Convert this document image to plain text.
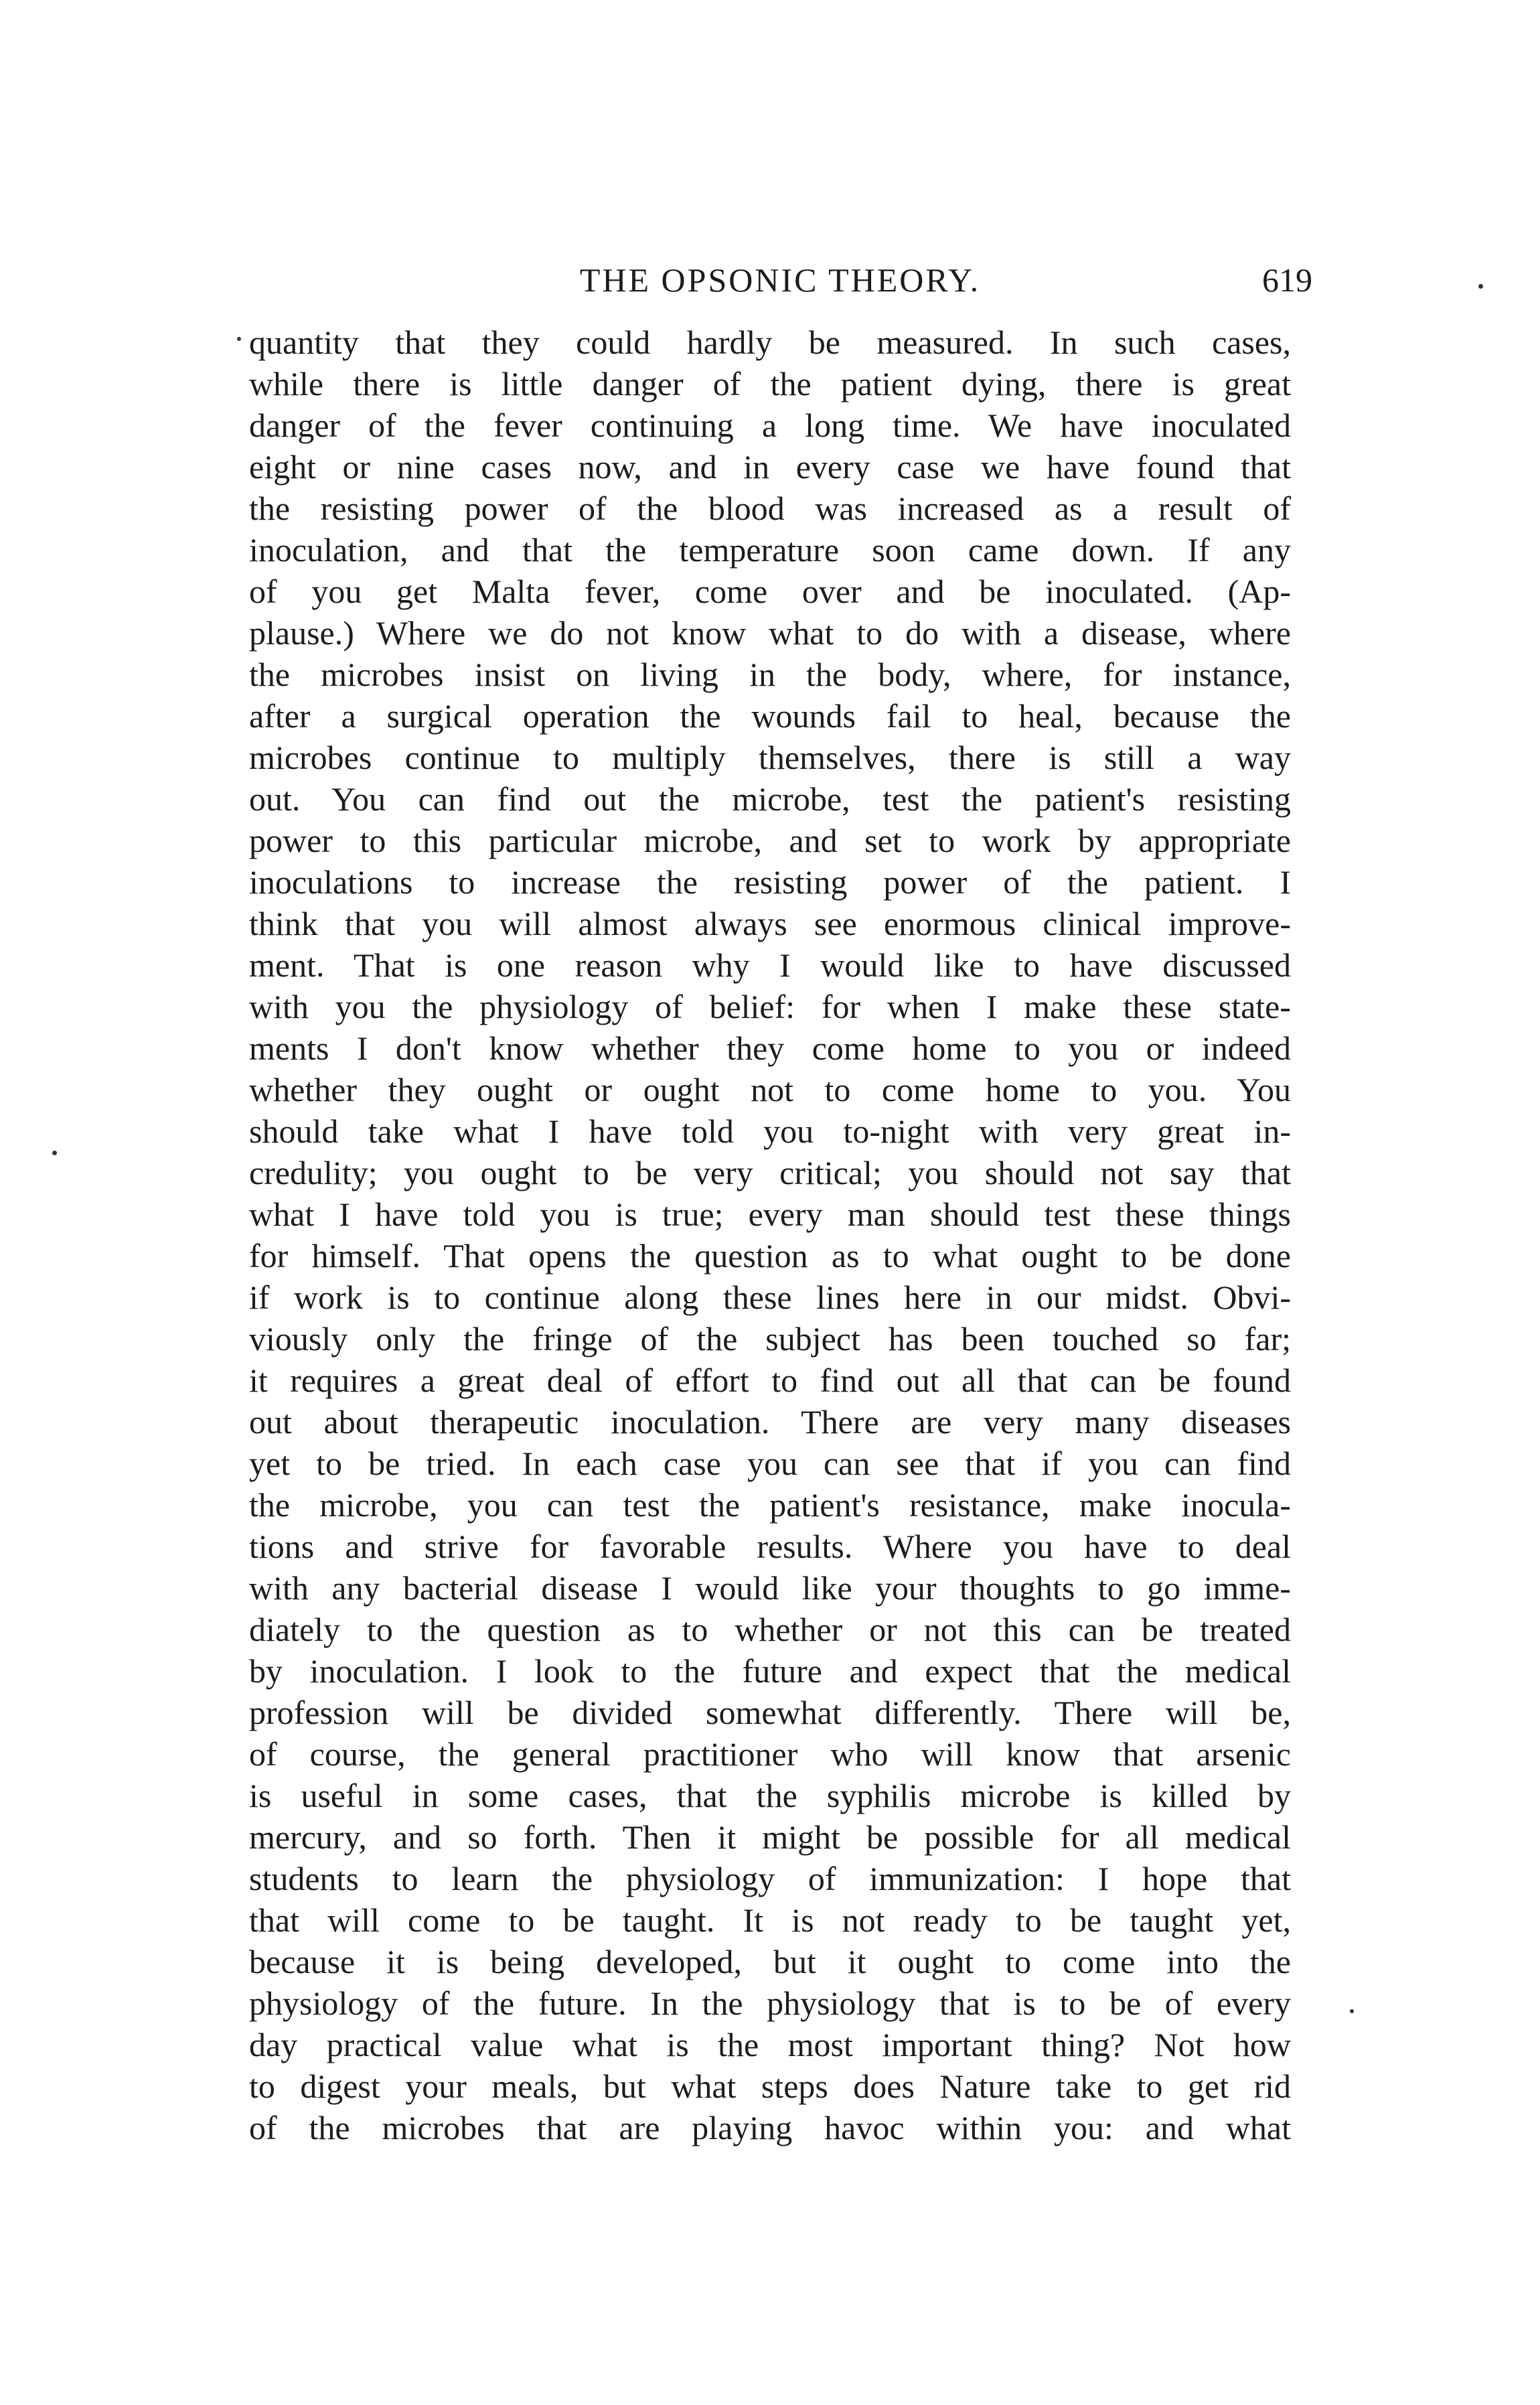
THE OPSONIC THEORY.	619
quantity that they could hardly be measured. In such cases,
while there is little danger of the patient dying, there is great
danger of the fever continuing a long time. We have inoculated
eight or nine cases now, and in every case we have found that
the resisting power of the blood was increased as a result of
inoculation, and that the temperature soon came down. If any
of you get Malta fever, come over and be inoculated. (Ap-
plause.) Where we do not know what to do with a disease, where
the microbes insist on living in the body, where, for instance,
after a surgical operation the wounds fail to heal, because the
microbes continue to multiply themselves, there is still a way
out. You can find out the microbe, test the patient's resisting
power to this particular microbe, and set to work by appropriate
inoculations to increase the resisting power of the patient. I
think that you will almost always see enormous clinical improve-
ment. That is one reason why I would like to have discussed
with you the physiology of belief: for when I make these state-
ments I don't know whether they come home to you or indeed
whether they ought or ought not to come home to you. You
should take what I have told you to-night with very great in-
credulity; you ought to be very critical; you should not say that
what I have told you is true; every man should test these things
for himself. That opens the question as to what ought to be done
if work is to continue along these lines here in our midst. Obvi-
viously only the fringe of the subject has been touched so far;
it requires a great deal of effort to find out all that can be found
out about therapeutic inoculation. There are very many diseases
yet to be tried. In each case you can see that if you can find
the microbe, you can test the patient's resistance, make inocula-
tions and strive for favorable results. Where you have to deal
with any bacterial disease I would like your thoughts to go imme-
diately to the question as to whether or not this can be treated
by inoculation. I look to the future and expect that the medical
profession will be divided somewhat differently. There will be,
of course, the general practitioner who will know that arsenic
is useful in some cases, that the syphilis microbe is killed by
mercury, and so forth. Then it might be possible for all medical
students to learn the physiology of immunization: I hope that
that will come to be taught. It is not ready to be taught yet,
because it is being developed, but it ought to come into the
physiology of the future. In the physiology that is to be of every
day practical value what is the most important thing? Not how
to digest your meals, but what steps does Nature take to get rid
of the microbes that are playing havoc within you: and what
